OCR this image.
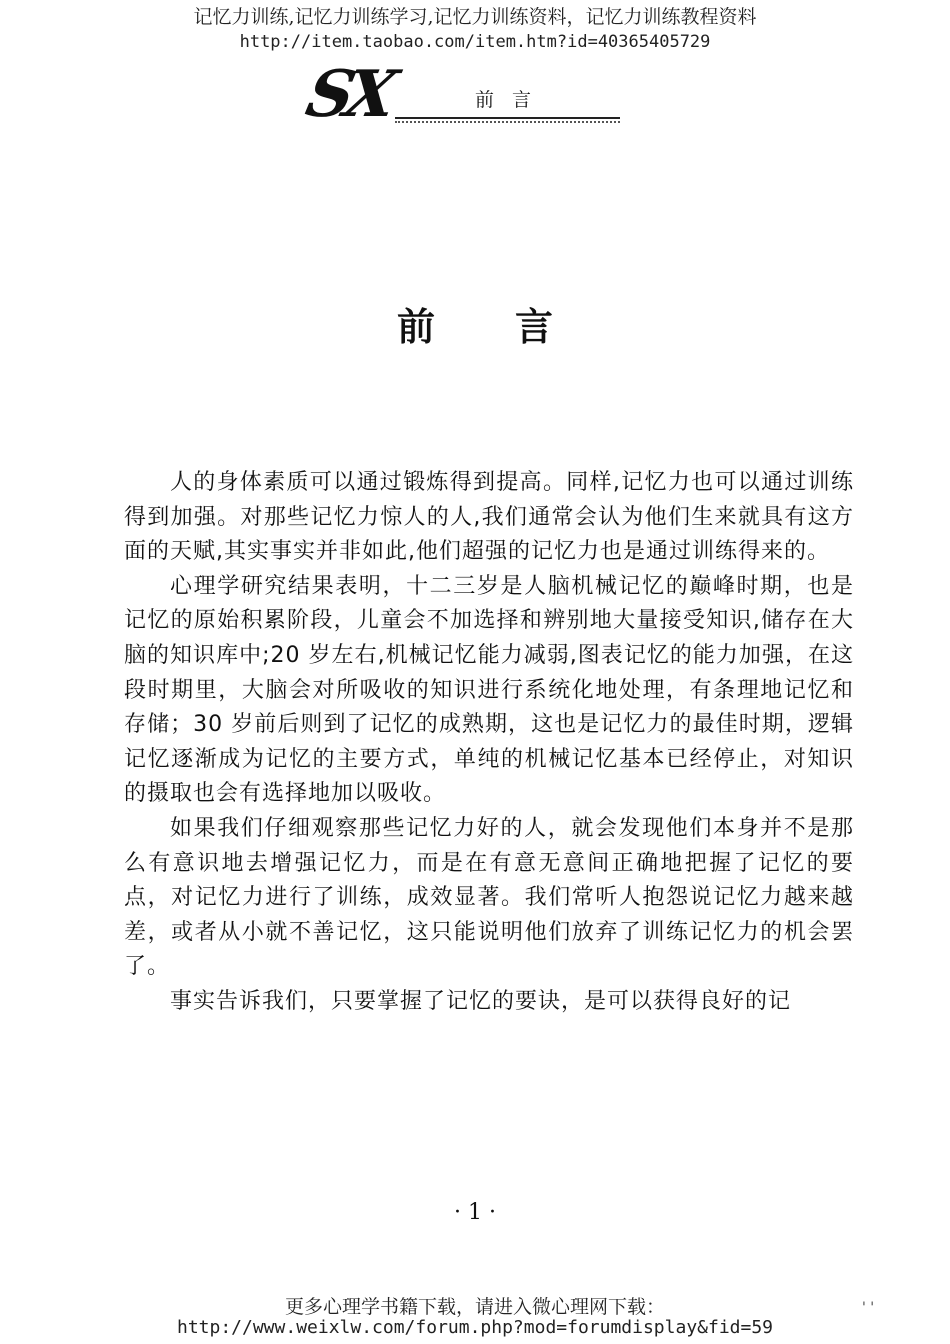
记忆力训练,记忆力训练学习,记忆力训练资料，记忆力训练教程资料
http://item.taobao.com/item.htm?id=40365405729
SX	前言
前言

人的身体素质可以通过锻炼得到提高。同样,记忆力也可以通过训练得到加强。对那些记忆力惊人的人,我们通常会认为他们生来就具有这方面的天赋,其实事实并非如此,他们超强的记忆力也是通过训练得来的。

心理学研究结果表明，十二三岁是人脑机械记忆的巅峰时期，也是记忆的原始积累阶段，儿童会不加选择和辨别地大量接受知识,储存在大脑的知识库中;20 岁左右,机械记忆能力减弱,图表记忆的能力加强，在这段时期里，大脑会对所吸收的知识进行系统化地处理，有条理地记忆和存储；30 岁前后则到了记忆的成熟期，这也是记忆力的最佳时期，逻辑记忆逐渐成为记忆的主要方式，单纯的机械记忆基本已经停止，对知识的摄取也会有选择地加以吸收。

如果我们仔细观察那些记忆力好的人，就会发现他们本身并不是那么有意识地去增强记忆力，而是在有意无意间正确地把握了记忆的要点，对记忆力进行了训练，成效显著。我们常听人抱怨说记忆力越来越差，或者从小就不善记忆，这只能说明他们放弃了训练记忆力的机会罢了。

事实告诉我们，只要掌握了记忆的要诀，是可以获得良好的记

· 1 ·
更多心理学书籍下载，请进入微心理网下载：
http://www.weixlw.com/forum.php?mod=forumdisplay&fid=59
' '
